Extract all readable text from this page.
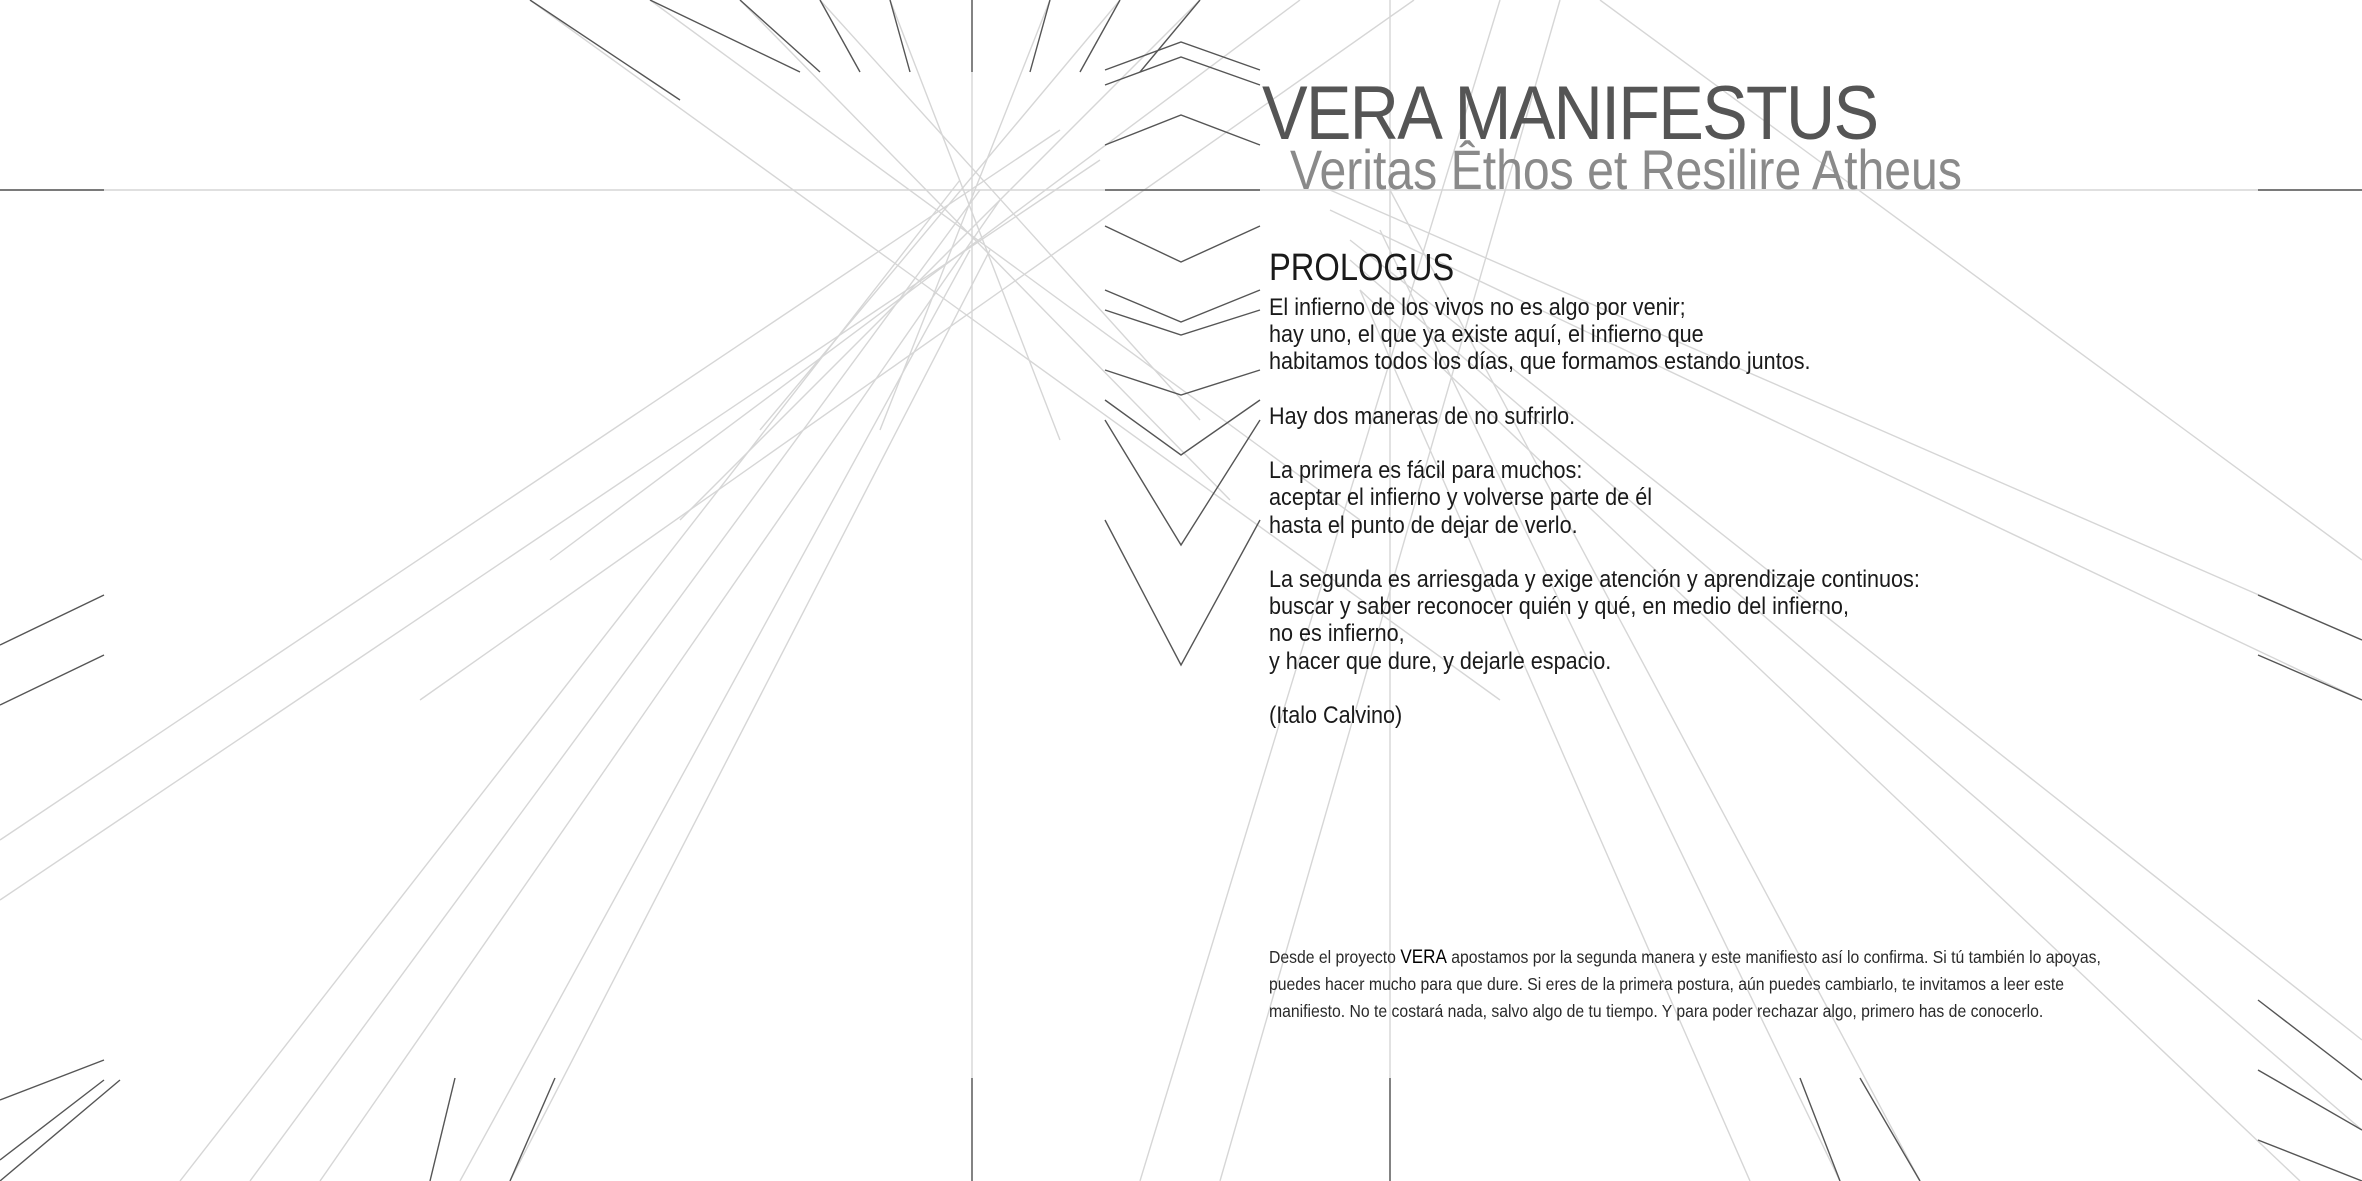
VERA MANIFESTUS
Veritas Êthos et Resilire Atheus
PROLOGUS
El infierno de los vivos no es algo por venir;
hay uno, el que ya existe aquí, el infierno que
habitamos todos los días, que formamos estando juntos.
Hay dos maneras de no sufrirlo.
La primera es fácil para muchos:
aceptar el infierno y volverse parte de él
hasta el punto de dejar de verlo.
La segunda es arriesgada y exige atención y aprendizaje continuos:
buscar y saber reconocer quién y qué, en medio del infierno,
no es infierno,
y hacer que dure, y dejarle espacio.
(Italo Calvino)
Desde el proyecto VERA apostamos por la segunda manera y este manifiesto así lo confirma. Si tú también lo apoyas,
puedes hacer mucho para que dure. Si eres de la primera postura, aún puedes cambiarlo, te invitamos a leer este
manifiesto. No te costará nada, salvo algo de tu tiempo. Y para poder rechazar algo, primero has de conocerlo.
